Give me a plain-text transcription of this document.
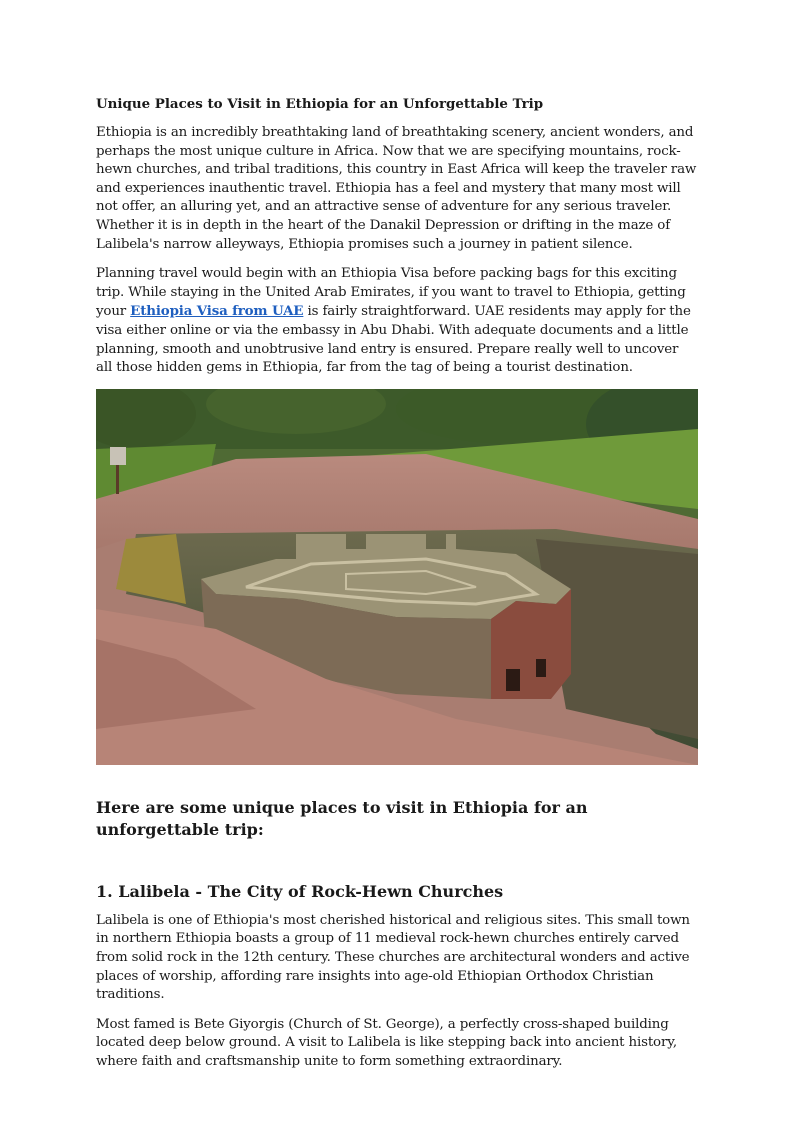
Unique Places to Visit in Ethiopia for an Unforgettable Trip

Ethiopia is an incredibly breathtaking land of breathtaking scenery, ancient wonders, and perhaps the most unique culture in Africa. Now that we are specifying mountains, rock-hewn churches, and tribal traditions, this country in East Africa will keep the traveler raw and experiences inauthentic travel. Ethiopia has a feel and mystery that many most will not offer, an alluring yet, and an attractive sense of adventure for any serious traveler. Whether it is in depth in the heart of the Danakil Depression or drifting in the maze of Lalibela's narrow alleyways, Ethiopia promises such a journey in patient silence.

Planning travel would begin with an Ethiopia Visa before packing bags for this exciting trip. While staying in the United Arab Emirates, if you want to travel to Ethiopia, getting your Ethiopia Visa from UAE is fairly straightforward. UAE residents may apply for the visa either online or via the embassy in Abu Dhabi. With adequate documents and a little planning, smooth and unobtrusive land entry is ensured. Prepare really well to uncover all those hidden gems in Ethiopia, far from the tag of being a tourist destination.

Here are some unique places to visit in Ethiopia for an unforgettable trip:
1. Lalibela - The City of Rock-Hewn Churches

Lalibela is one of Ethiopia's most cherished historical and religious sites. This small town in northern Ethiopia boasts a group of 11 medieval rock-hewn churches entirely carved from solid rock in the 12th century. These churches are architectural wonders and active places of worship, affording rare insights into age-old Ethiopian Orthodox Christian traditions.

Most famed is Bete Giyorgis (Church of St. George), a perfectly cross-shaped building located deep below ground. A visit to Lalibela is like stepping back into ancient history, where faith and craftsmanship unite to form something extraordinary.
